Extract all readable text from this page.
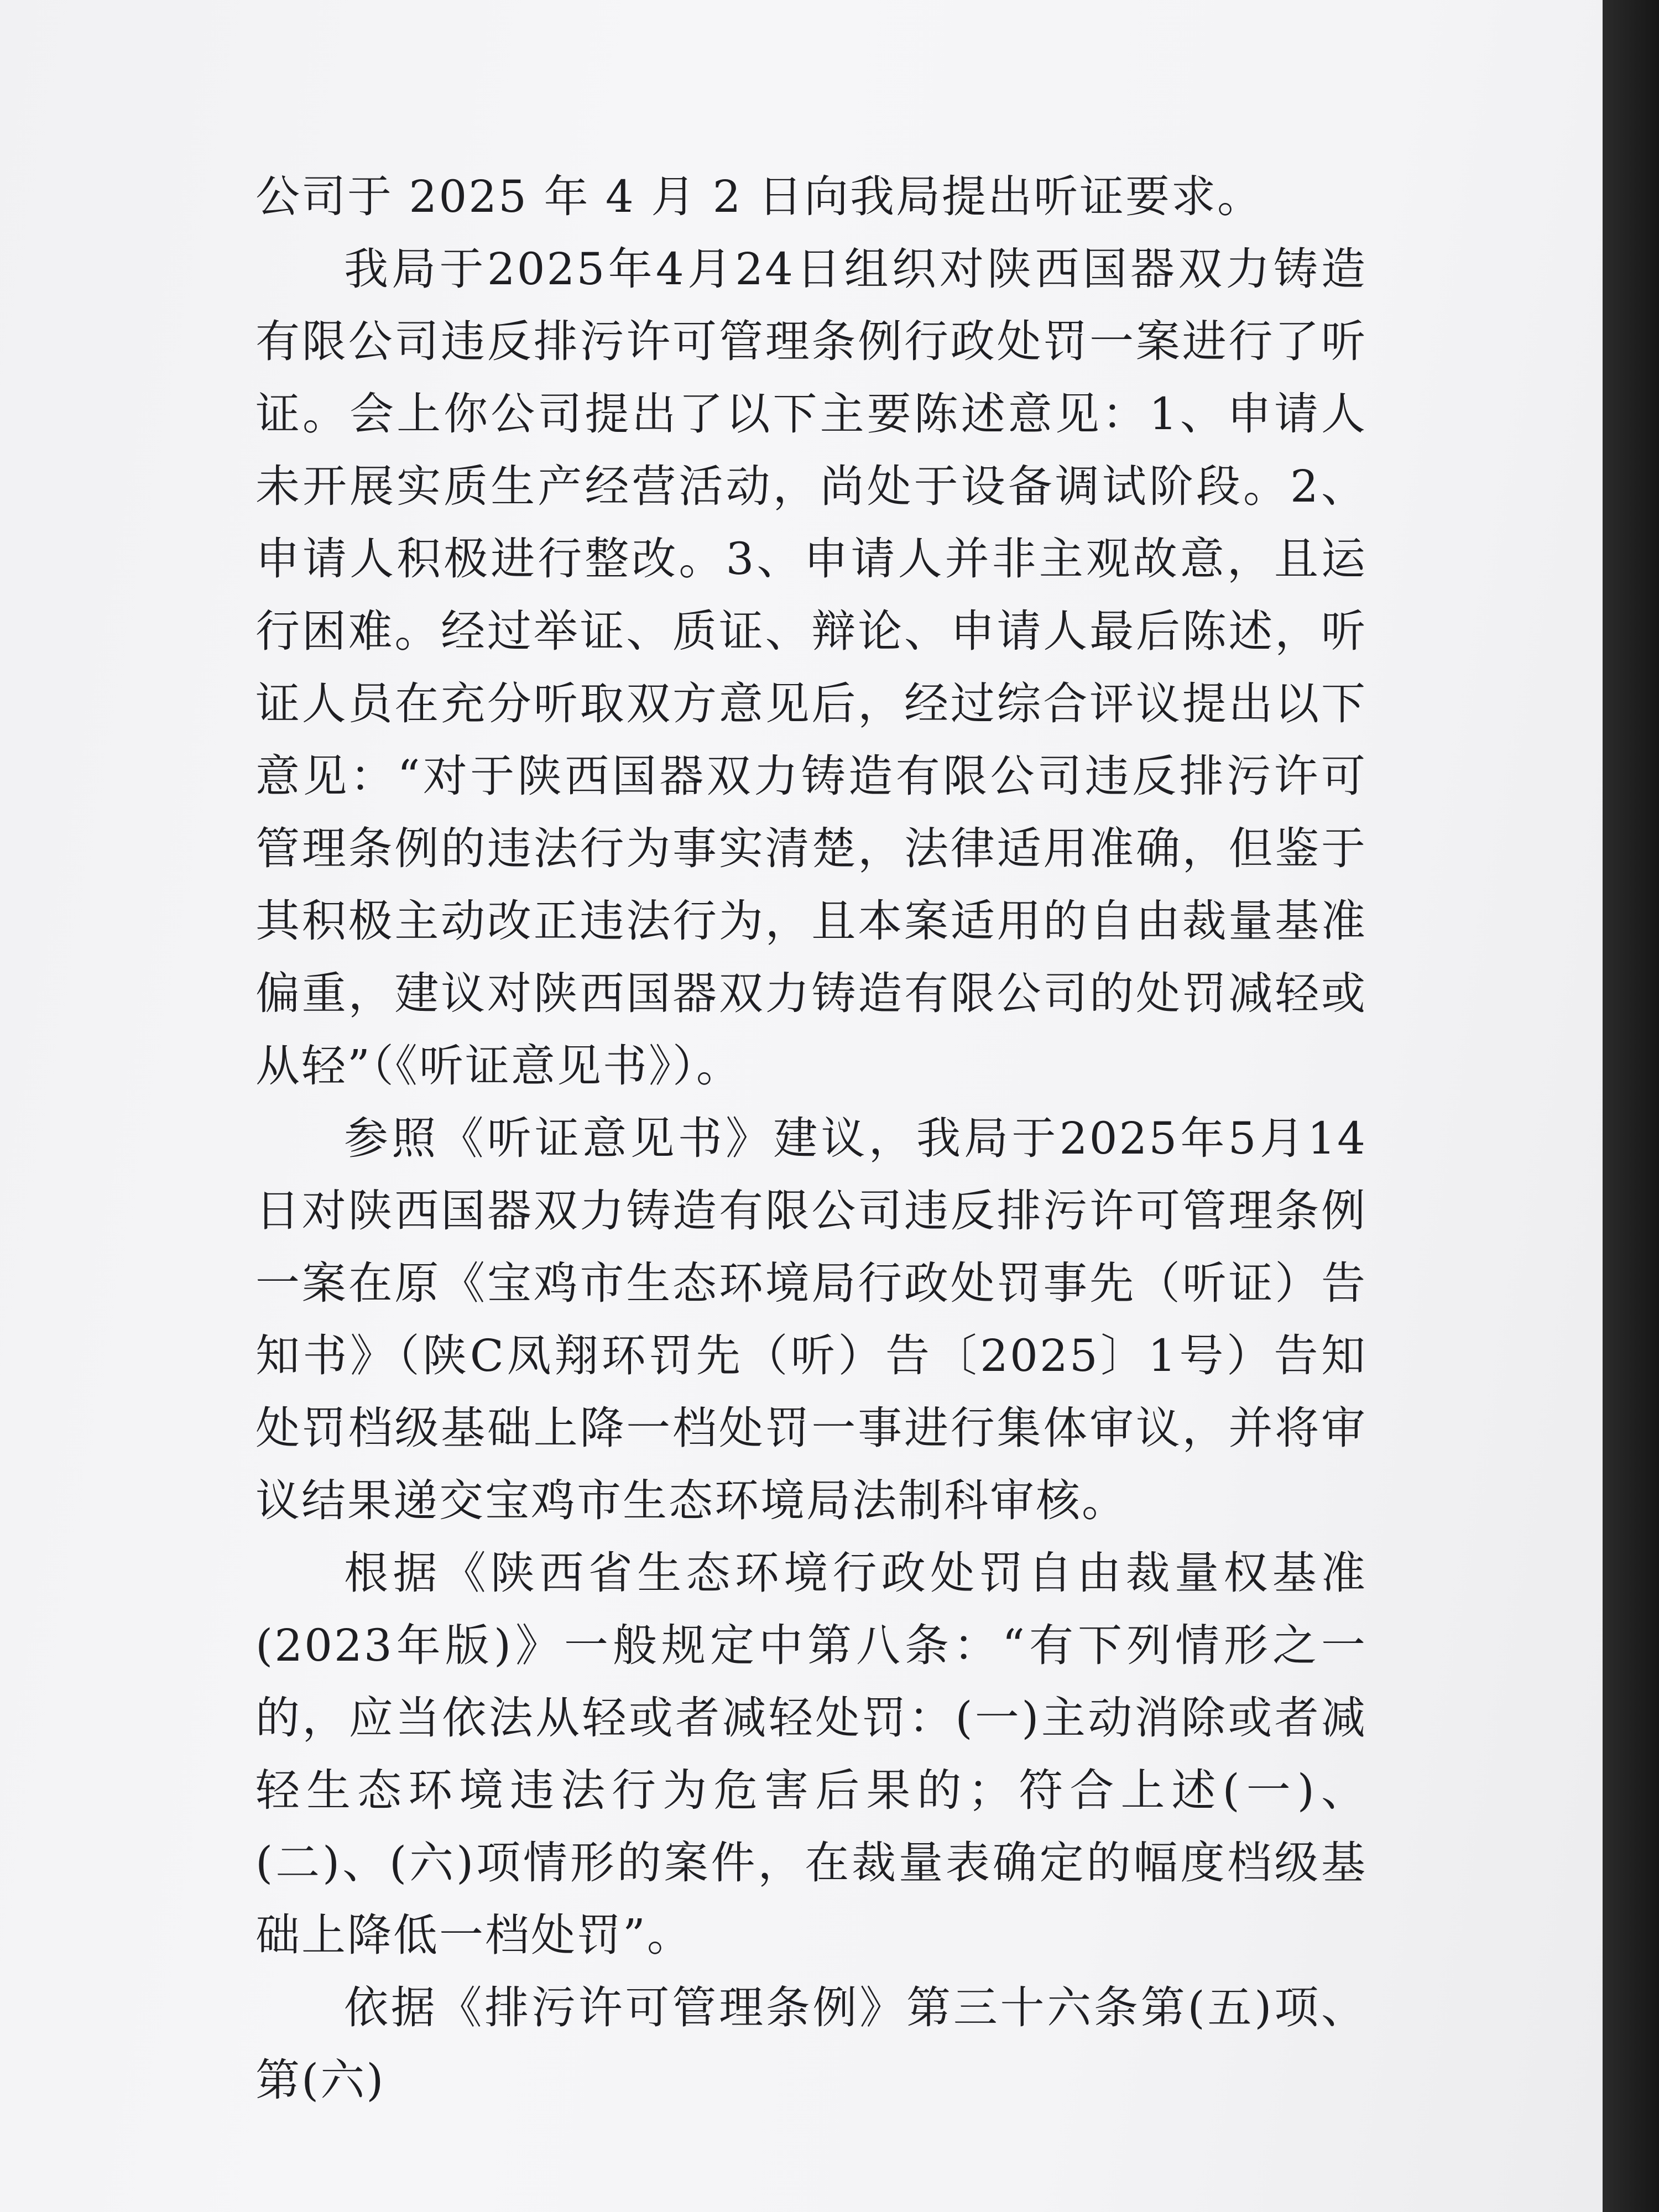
公司于 2025 年 4 月 2 日向我局提出听证要求。

我局于2025年4月24日组织对陕西国器双力铸造有限公司违反排污许可管理条例行政处罚一案进行了听证。会上你公司提出了以下主要陈述意见：1、申请人未开展实质生产经营活动，尚处于设备调试阶段。2、申请人积极进行整改。3、申请人并非主观故意，且运行困难。经过举证、质证、辩论、申请人最后陈述，听证人员在充分听取双方意见后，经过综合评议提出以下意见：“对于陕西国器双力铸造有限公司违反排污许可管理条例的违法行为事实清楚，法律适用准确，但鉴于其积极主动改正违法行为，且本案适用的自由裁量基准偏重，建议对陕西国器双力铸造有限公司的处罚减轻或从轻”（《听证意见书》）。

参照《听证意见书》建议，我局于2025年5月14日对陕西国器双力铸造有限公司违反排污许可管理条例一案在原《宝鸡市生态环境局行政处罚事先（听证）告知书》（陕C凤翔环罚先（听）告〔2025〕1号）告知处罚档级基础上降一档处罚一事进行集体审议，并将审议结果递交宝鸡市生态环境局法制科审核。

根据《陕西省生态环境行政处罚自由裁量权基准(2023年版)》一般规定中第八条：“有下列情形之一的，应当依法从轻或者减轻处罚：(一)主动消除或者减轻生态环境违法行为危害后果的；符合上述(一)、(二)、(六)项情形的案件，在裁量表确定的幅度档级基础上降低一档处罚”。

依据《排污许可管理条例》第三十六条第(五)项、第(六)
